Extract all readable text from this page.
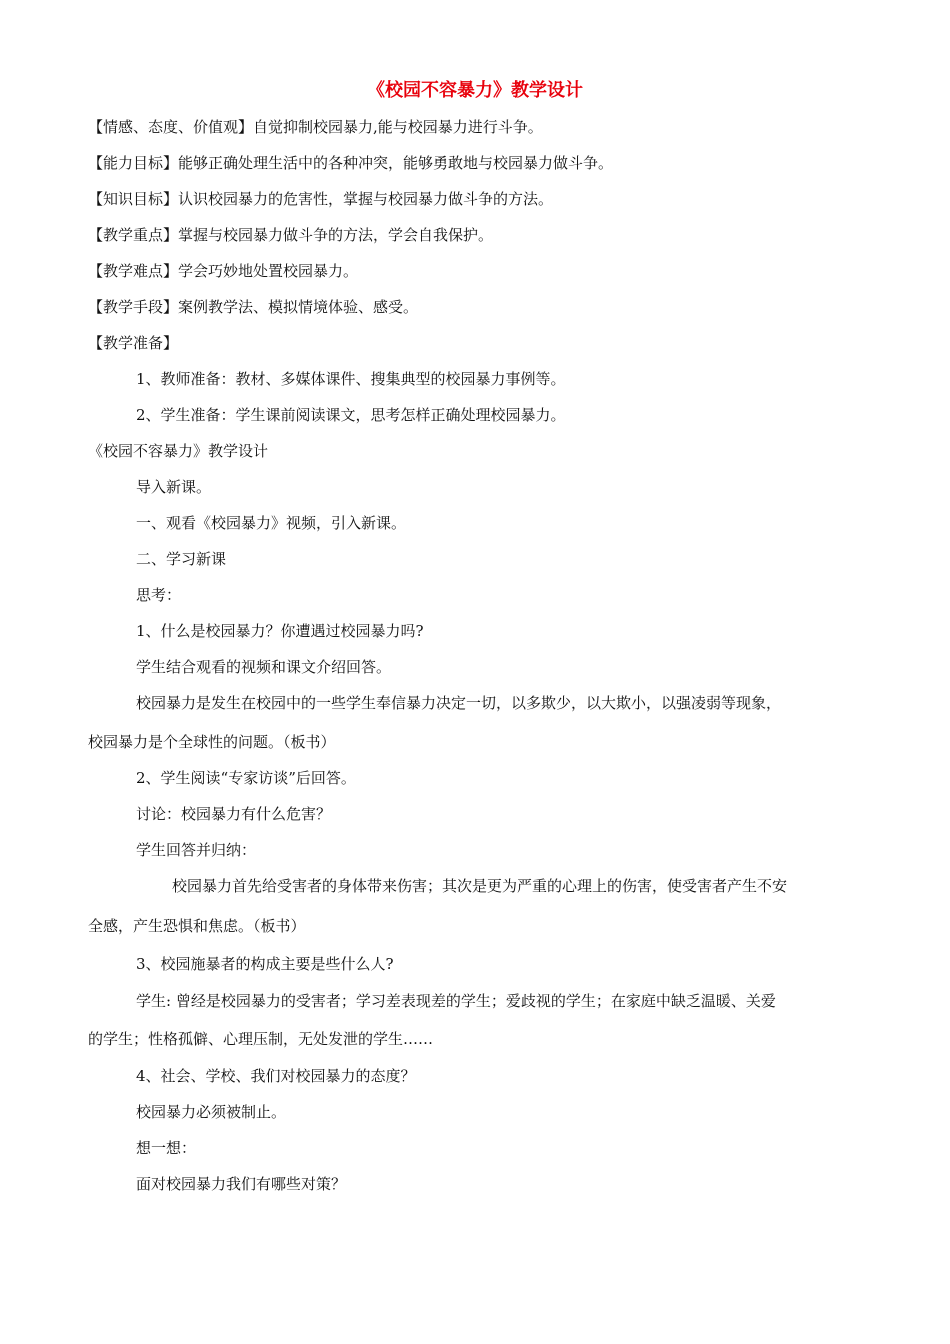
《校园不容暴力》教学设计
【情感、态度、价值观】自觉抑制校园暴力,能与校园暴力进行斗争。
【能力目标】能够正确处理生活中的各种冲突，能够勇敢地与校园暴力做斗争。
【知识目标】认识校园暴力的危害性，掌握与校园暴力做斗争的方法。
【教学重点】掌握与校园暴力做斗争的方法，学会自我保护。
【教学难点】学会巧妙地处置校园暴力。
【教学手段】案例教学法、模拟情境体验、感受。
【教学准备】
1、教师准备：教材、多媒体课件、搜集典型的校园暴力事例等。
2、学生准备：学生课前阅读课文，思考怎样正确处理校园暴力。
《校园不容暴力》教学设计
导入新课。
一、观看《校园暴力》视频，引入新课。
二、学习新课
思考：
1、什么是校园暴力？你遭遇过校园暴力吗?
学生结合观看的视频和课文介绍回答。
校园暴力是发生在校园中的一些学生奉信暴力决定一切，以多欺少，以大欺小，以强凌弱等现象，
校园暴力是个全球性的问题。（板书）
2、学生阅读“专家访谈”后回答。
讨论：校园暴力有什么危害？
学生回答并归纳：
校园暴力首先给受害者的身体带来伤害；其次是更为严重的心理上的伤害，使受害者产生不安
全感，产生恐惧和焦虑。（板书）
3、校园施暴者的构成主要是些什么人?
学生: 曾经是校园暴力的受害者；学习差表现差的学生；爱歧视的学生；在家庭中缺乏温暖、关爱
的学生；性格孤僻、心理压制，无处发泄的学生……
4、社会、学校、我们对校园暴力的态度？
校园暴力必须被制止。
想一想：
面对校园暴力我们有哪些对策？
